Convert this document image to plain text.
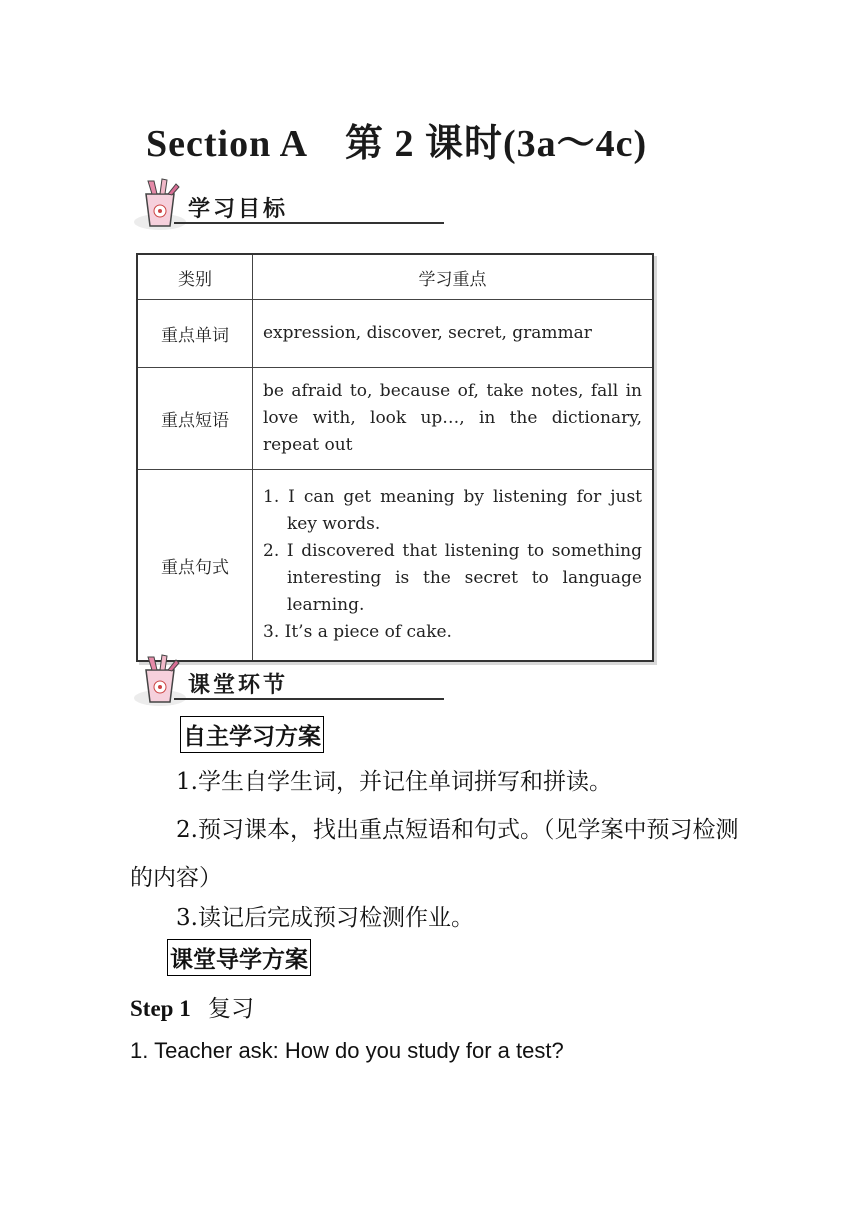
Section A　第 2 课时(3a～4c)
学习目标
类别	学习重点
重点单词	expression, discover, secret, grammar

重点短语	be afraid to, because of, take notes, fall in love with, look up…, in the dictionary, repeat out

重点句式	1. I can get meaning by listening for just key words.
2. I discovered that listening to something interesting is the secret to language learning.
3. It’s a piece of cake.
课堂环节
自主学习方案
1.学生自学生词，并记住单词拼写和拼读。
2.预习课本，找出重点短语和句式。（见学案中预习检测的内容）
3.读记后完成预习检测作业。
课堂导学方案
Step 1 复习
1. Teacher ask: How do you study for a test?
